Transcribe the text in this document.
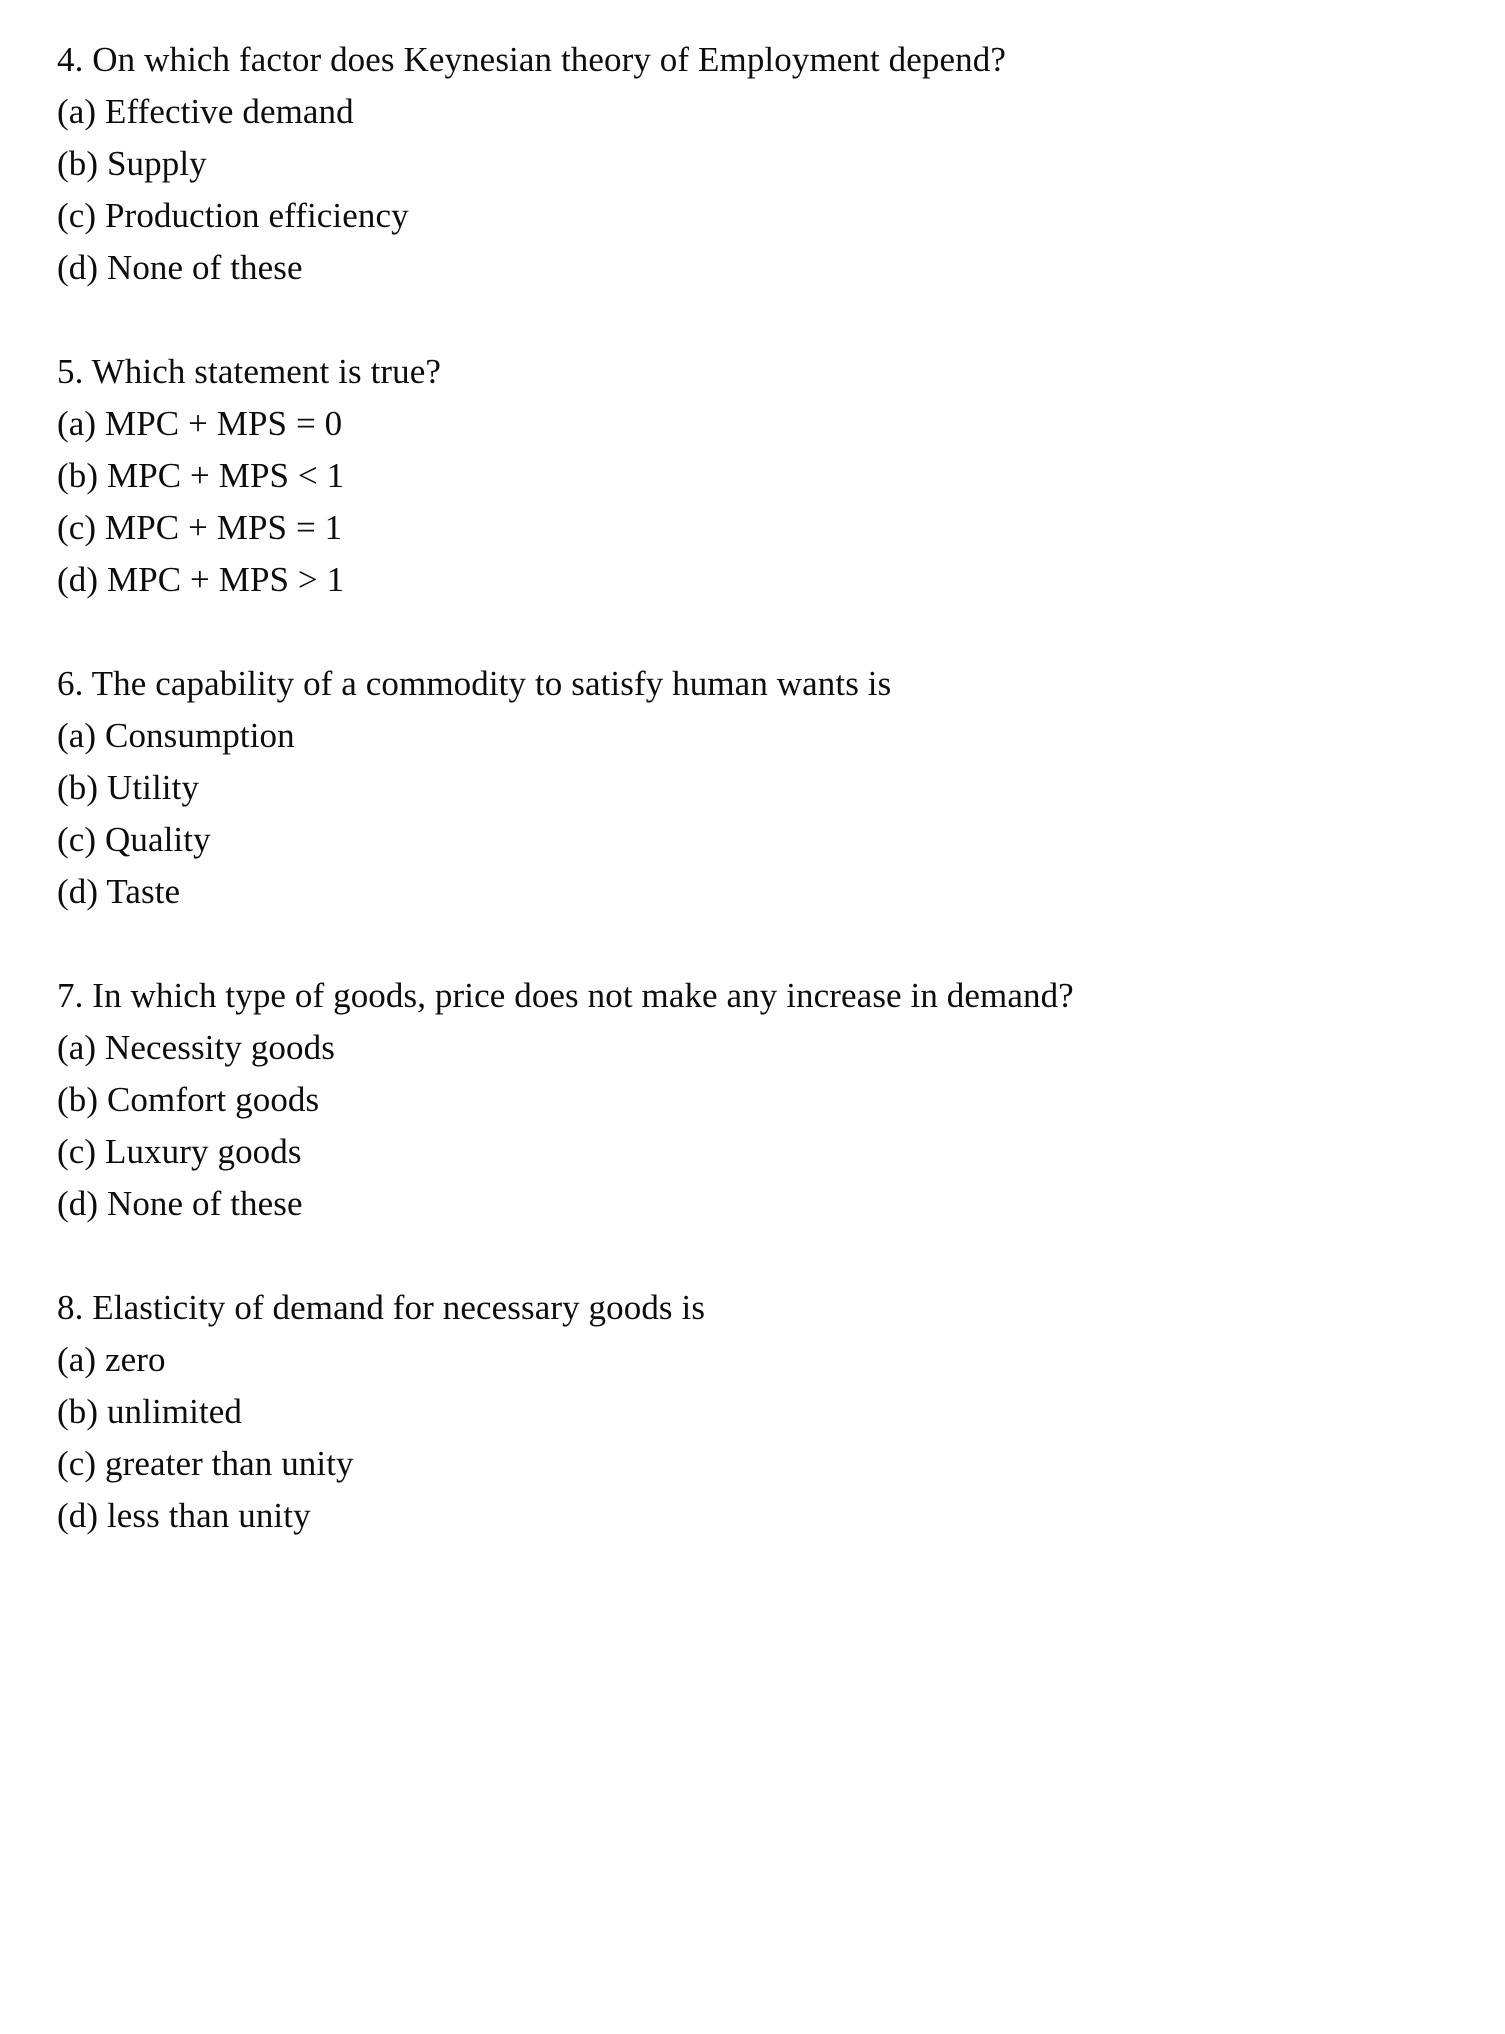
4. On which factor does Keynesian theory of Employment depend?
(a) Effective demand
(b) Supply
(c) Production efficiency
(d) None of these
5. Which statement is true?
(a) MPC + MPS = 0
(b) MPC + MPS < 1
(c) MPC + MPS = 1
(d) MPC + MPS > 1
6. The capability of a commodity to satisfy human wants is
(a) Consumption
(b) Utility
(c) Quality
(d) Taste
7. In which type of goods, price does not make any increase in demand?
(a) Necessity goods
(b) Comfort goods
(c) Luxury goods
(d) None of these
8. Elasticity of demand for necessary goods is
(a) zero
(b) unlimited
(c) greater than unity
(d) less than unity
